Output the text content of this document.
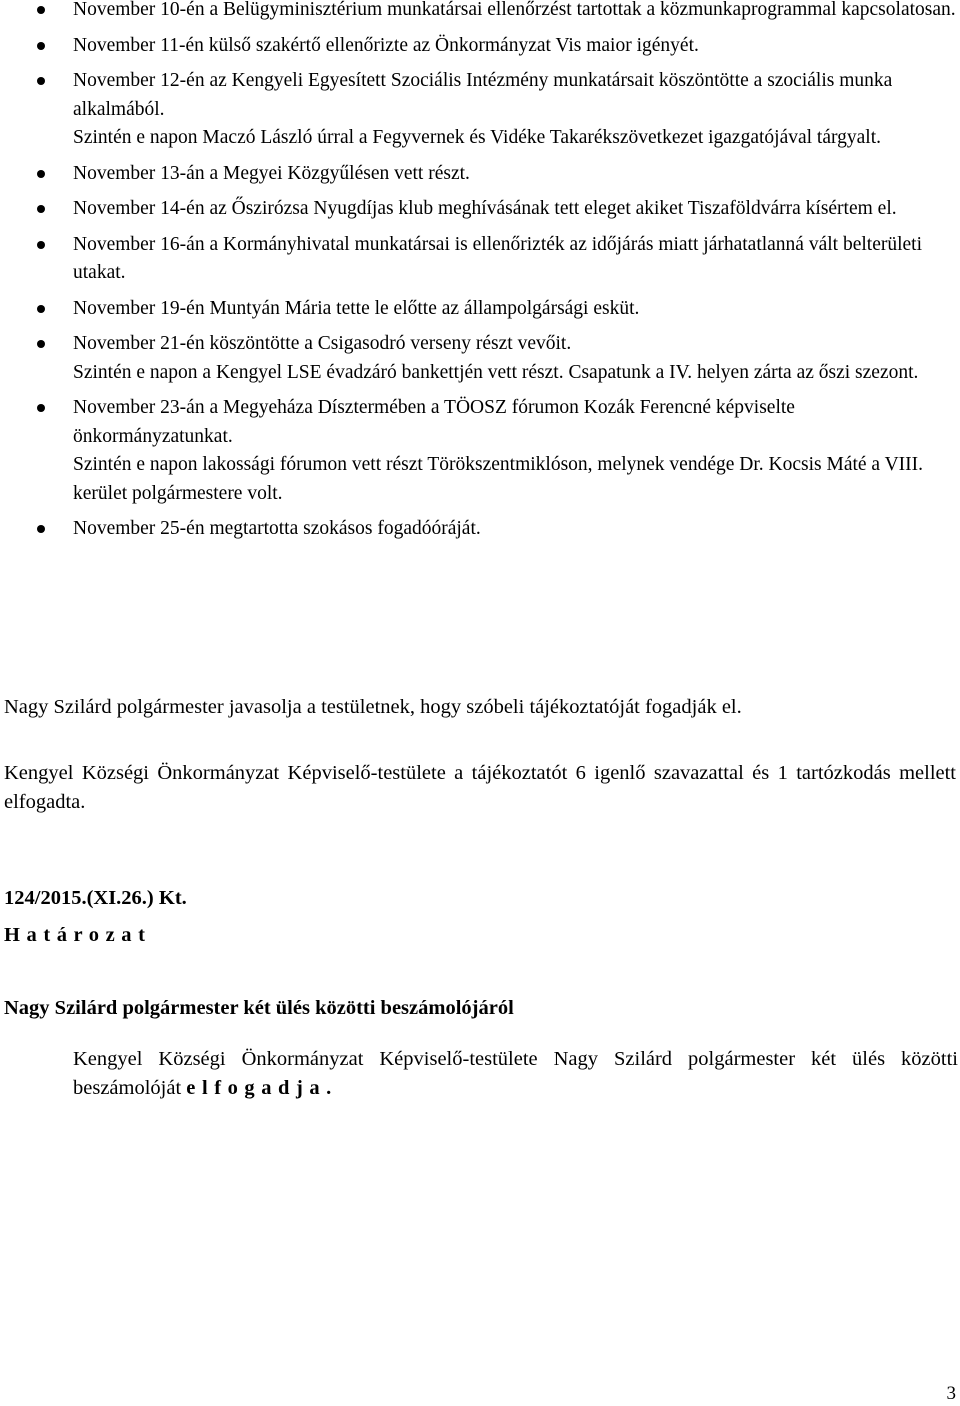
November 10-én a Belügyminisztérium munkatársai ellenőrzést tartottak a közmunkaprogrammal kapcsolatosan.

November 11-én külső szakértő ellenőrizte az Önkormányzat Vis maior igényét.

November 12-én az Kengyeli Egyesített Szociális Intézmény munkatársait köszöntötte a szociális munka alkalmából.

Szintén e napon Maczó László úrral a Fegyvernek és Vidéke Takarékszövetkezet igazgatójával tárgyalt.

November 13-án a Megyei Közgyűlésen vett részt.

November 14-én az Őszirózsa Nyugdíjas klub meghívásának tett eleget akiket Tiszaföldvárra kísértem el.

November 16-án a Kormányhivatal munkatársai is ellenőrizték az időjárás miatt járhatatlanná vált belterületi utakat.

November 19-én Muntyán Mária tette le előtte az állampolgársági esküt.

November 21-én köszöntötte a Csigasodró verseny részt vevőit.

Szintén e napon a Kengyel LSE évadzáró bankettjén vett részt. Csapatunk a IV. helyen zárta az őszi szezont.

November 23-án a Megyeháza Dísztermében a TÖOSZ fórumon Kozák Ferencné képviselte önkormányzatunkat.

Szintén e napon lakossági fórumon vett részt Törökszentmiklóson, melynek vendége Dr. Kocsis Máté a VIII. kerület polgármestere volt.

November 25-én megtartotta szokásos fogadóóráját.

Nagy Szilárd polgármester javasolja a testületnek, hogy szóbeli tájékoztatóját fogadják el.

Kengyel Községi Önkormányzat Képviselő-testülete a tájékoztatót 6 igenlő szavazattal és 1 tartózkodás mellett elfogadta.

124/2015.(XI.26.) Kt.

Határozat

Nagy Szilárd polgármester két ülés közötti beszámolójáról

Kengyel Községi Önkormányzat Képviselő-testülete Nagy Szilárd polgármester két ülés közötti beszámolóját elfogadja.

3
